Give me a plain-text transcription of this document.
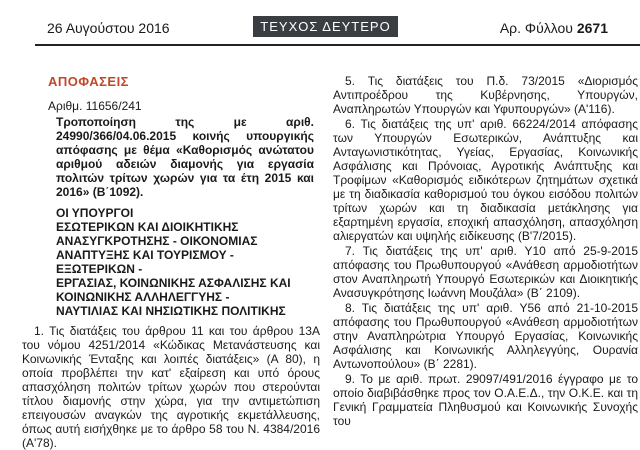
26 Αυγούστου 2016	ΤΕΥΧΟΣ ΔΕΥΤΕΡΟ	Αρ. Φύλλου 2671
ΑΠΟΦΑΣΕΙΣ
Αριθμ. 11656/241
Τροποποίηση της με αριθ. 24990/366/04.06.2015 κοινής υπουργικής απόφασης με θέμα «Καθορισμός ανώτατου αριθμού αδειών διαμονής για εργασία πολιτών τρίτων χωρών για τα έτη 2015 και 2016» (Β΄1092).
ΟΙ ΥΠΟΥΡΓΟΙ
ΕΣΩΤΕΡΙΚΩΝ ΚΑΙ ΔΙΟΙΚΗΤΙΚΗΣ
ΑΝΑΣΥΓΚΡΟΤΗΣΗΣ - ΟΙΚΟΝΟΜΙΑΣ
ΑΝΑΠΤΥΞΗΣ ΚΑΙ ΤΟΥΡΙΣΜΟΥ - ΕΞΩΤΕΡΙΚΩΝ -
ΕΡΓΑΣΙΑΣ, ΚΟΙΝΩΝΙΚΗΣ ΑΣΦΑΛΙΣΗΣ ΚΑΙ
ΚΟΙΝΩΝΙΚΗΣ ΑΛΛΗΛΕΓΓΥΗΣ -
ΝΑΥΤΙΛΙΑΣ ΚΑΙ ΝΗΣΙΩΤΙΚΗΣ ΠΟΛΙΤΙΚΗΣ

1. Τις διατάξεις του άρθρου 11 και του άρθρου 13Α του νόμου 4251/2014 «Κώδικας Μετανάστευσης και Κοινωνικής Ένταξης και λοιπές διατάξεις» (Α 80), η οποία προβλέπει την κατ' εξαίρεση και υπό όρους απασχόληση πολιτών τρίτων χωρών που στερούνται τίτλου διαμονής στην χώρα, για την αντιμετώπιση επειγουσών αναγκών της αγροτικής εκμετάλλευσης, όπως αυτή εισήχθηκε με το άρθρο 58 του Ν. 4384/2016 (Α'78).

5. Τις διατάξεις του Π.δ. 73/2015 «Διορισμός Αντιπροέδρου της Κυβέρνησης, Υπουργών, Αναπληρωτών Υπουργών και Υφυπουργών» (Α'116).

6. Τις διατάξεις της υπ' αριθ. 66224/2014 απόφασης των Υπουργών Εσωτερικών, Ανάπτυξης και Ανταγωνιστικότητας, Υγείας, Εργασίας, Κοινωνικής Ασφάλισης και Πρόνοιας, Αγροτικής Ανάπτυξης και Τροφίμων «Καθορισμός ειδικότερων ζητημάτων σχετικά με τη διαδικασία καθορισμού του όγκου εισόδου πολιτών τρίτων χωρών και τη διαδικασία μετάκλησης για εξαρτημένη εργασία, εποχική απασχόληση, απασχόληση αλιεργατών και υψηλής ειδίκευσης (Β'7/2015).

7. Τις διατάξεις της υπ' αριθ. Υ10 από 25-9-2015 απόφασης του Πρωθυπουργού «Ανάθεση αρμοδιοτήτων στον Αναπληρωτή Υπουργό Εσωτερικών και Διοικητικής Ανασυγκρότησης Ιωάννη Μουζάλα» (Β΄ 2109).

8. Τις διατάξεις της υπ' αριθ. Υ56 από 21-10-2015 απόφασης του Πρωθυπουργού «Ανάθεση αρμοδιοτήτων στην Αναπληρώτρια Υπουργό Εργασίας, Κοινωνικής Ασφάλισης και Κοινωνικής Αλληλεγγύης, Ουρανία Αντωνοπούλου» (Β΄ 2281).

9. Το με αριθ. πρωτ. 29097/491/2016 έγγραφο με το οποίο διαβιβάσθηκε προς τον Ο.Α.Ε.Δ., την Ο.Κ.Ε. και τη Γενική Γραμματεία Πληθυσμού και Κοινωνικής Συνοχής του
